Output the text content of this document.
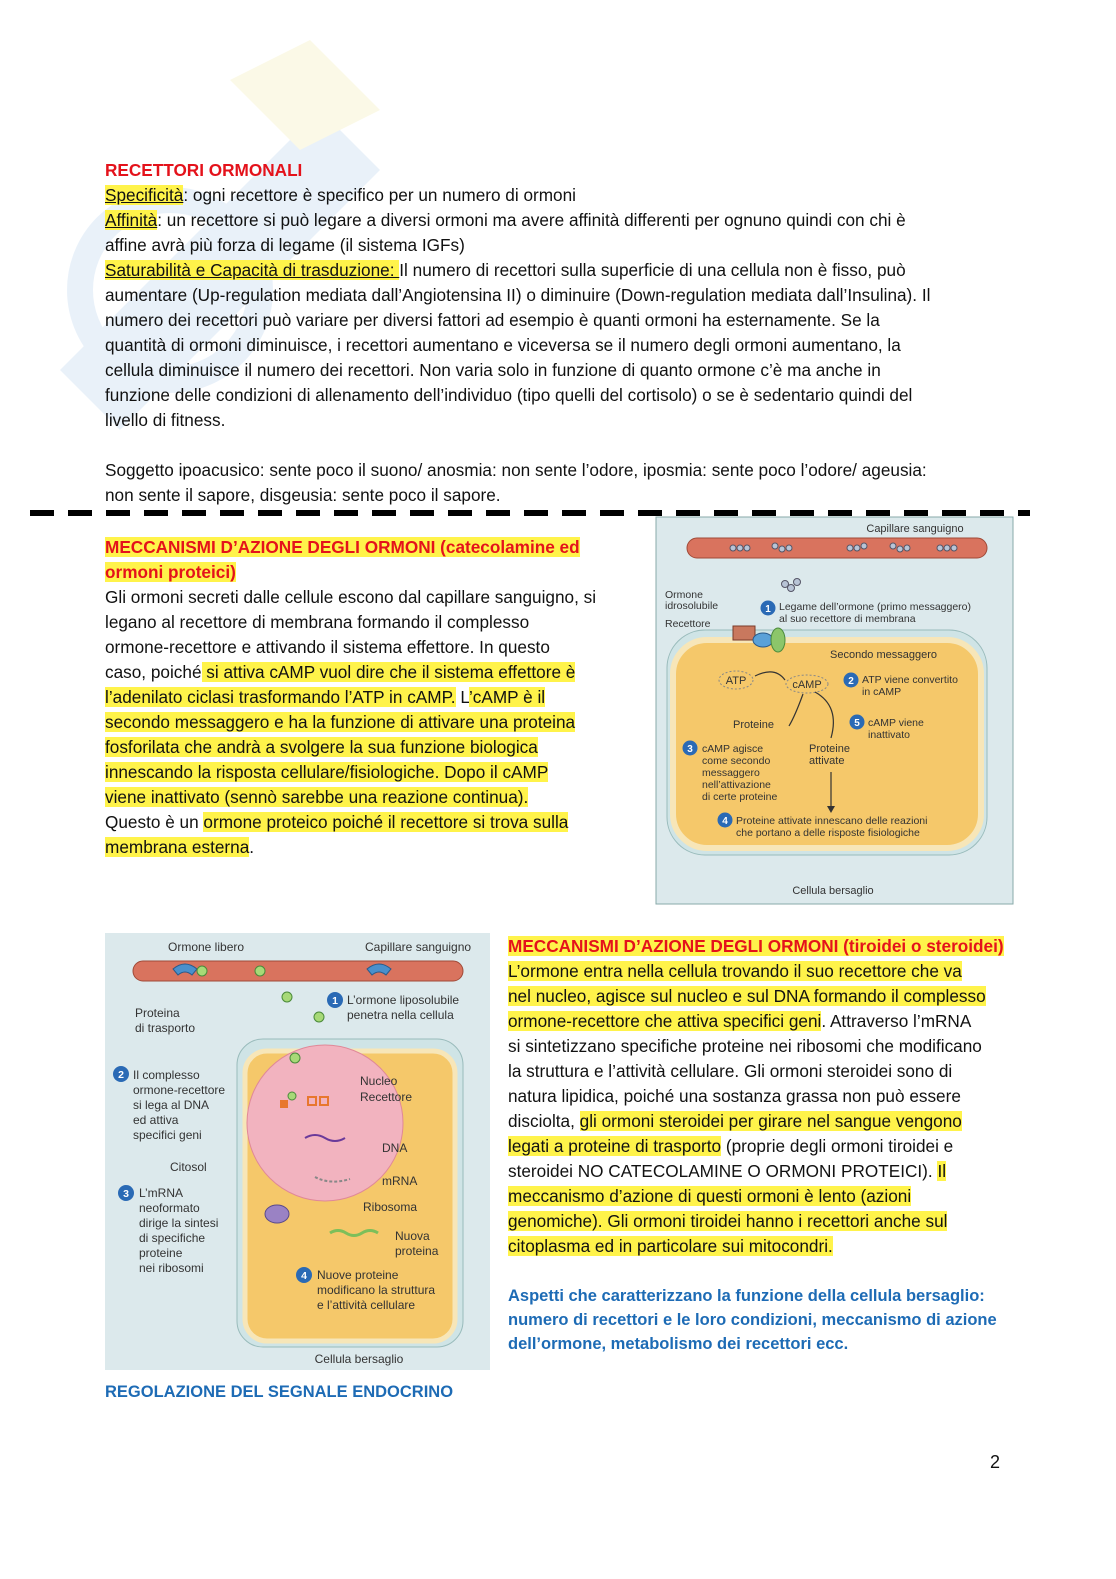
RECETTORI ORMONALI

Specificità: ogni recettore è specifico per un numero di ormoni

Affinità: un recettore si può legare a diversi ormoni ma avere affinità differenti per ognuno quindi con chi è

affine avrà più forza di legame (il sistema IGFs)

Saturabilità e Capacità di trasduzione: Il numero di recettori sulla superficie di una cellula non è fisso, può

aumentare (Up-regulation mediata dall’Angiotensina II) o diminuire (Down-regulation mediata dall’Insulina). Il

numero dei recettori può variare per diversi fattori ad esempio è quanti ormoni ha esternamente. Se la

quantità di ormoni diminuisce, i recettori aumentano e viceversa se il numero degli ormoni aumentano, la

cellula diminuisce il numero dei recettori. Non varia solo in funzione di quanto ormone c’è ma anche in

funzione delle condizioni di allenamento dell’individuo (tipo quelli del cortisolo) o se è sedentario quindi del

livello di fitness.

Soggetto ipoacusico: sente poco il suono/ anosmia: non sente l’odore, iposmia: sente poco l’odore/ ageusia:

non sente il sapore, disgeusia: sente poco il sapore.

MECCANISMI D’AZIONE DEGLI ORMONI (catecolamine ed

ormoni proteici)

Gli ormoni secreti dalle cellule escono dal capillare sanguigno, si

legano al recettore di membrana formando il complesso

ormone-recettore e attivando il sistema effettore. In questo

caso, poiché si attiva cAMP vuol dire che il sistema effettore è

l’adenilato ciclasi trasformando l’ATP in cAMP. L’cAMP è il

secondo messaggero e ha la funzione di attivare una proteina

fosforilata che andrà a svolgere la sua funzione biologica

innescando la risposta cellulare/fisiologiche. Dopo il cAMP

viene inattivato (sennò sarebbe una reazione continua).

Questo è un ormone proteico poiché il recettore si trova sulla

membrana esterna.

Capillare sanguigno
Ormone
idrosolubile
Recettore
1 Legame dell’ormone (primo messaggero)
al suo recettore di membrana
Secondo messaggero
ATP	cAMP	2 ATP viene convertito
in cAMP
Proteine	5 cAMP viene
inattivato
3 cAMP agisce
come secondo
messaggero
nell’attivazione
di certe proteine
Proteine
attivate
4 Proteine attivate innescano delle reazioni
che portano a delle risposte fisiologiche
Cellula bersaglio
Ormone libero	Capillare sanguigno
Proteina
di trasporto
1 L’ormone liposolubile
penetra nella cellula
Nucleo
Recettore
DNA
mRNA
Ribosoma
Nuova
proteina
2 Il complesso
ormone-recettore
si lega al DNA
ed attiva
specifici geni
Citosol
3 L’mRNA
neoformato
dirige la sintesi
di specifiche
proteine
nei ribosomi
4 Nuove proteine
modificano la struttura
e l’attività cellulare
Cellula bersaglio

MECCANISMI D’AZIONE DEGLI ORMONI (tiroidei o steroidei)

L’ormone entra nella cellula trovando il suo recettore che va

nel nucleo, agisce sul nucleo e sul DNA formando il complesso

ormone-recettore che attiva specifici geni. Attraverso l’mRNA

si sintetizzano specifiche proteine nei ribosomi che modificano

la struttura e l’attività cellulare. Gli ormoni steroidei sono di

natura lipidica, poiché una sostanza grassa non può essere

disciolta, gli ormoni steroidei per girare nel sangue vengono

legati a proteine di trasporto (proprie degli ormoni tiroidei e

steroidei NO CATECOLAMINE O ORMONI PROTEICI). Il

meccanismo d’azione di questi ormoni è lento (azioni

genomiche). Gli ormoni tiroidei hanno i recettori anche sul

citoplasma ed in particolare sui mitocondri.

Aspetti che caratterizzano la funzione della cellula bersaglio:

numero di recettori e le loro condizioni, meccanismo di azione

dell’ormone, metabolismo dei recettori ecc.

REGOLAZIONE DEL SEGNALE ENDOCRINO

2
